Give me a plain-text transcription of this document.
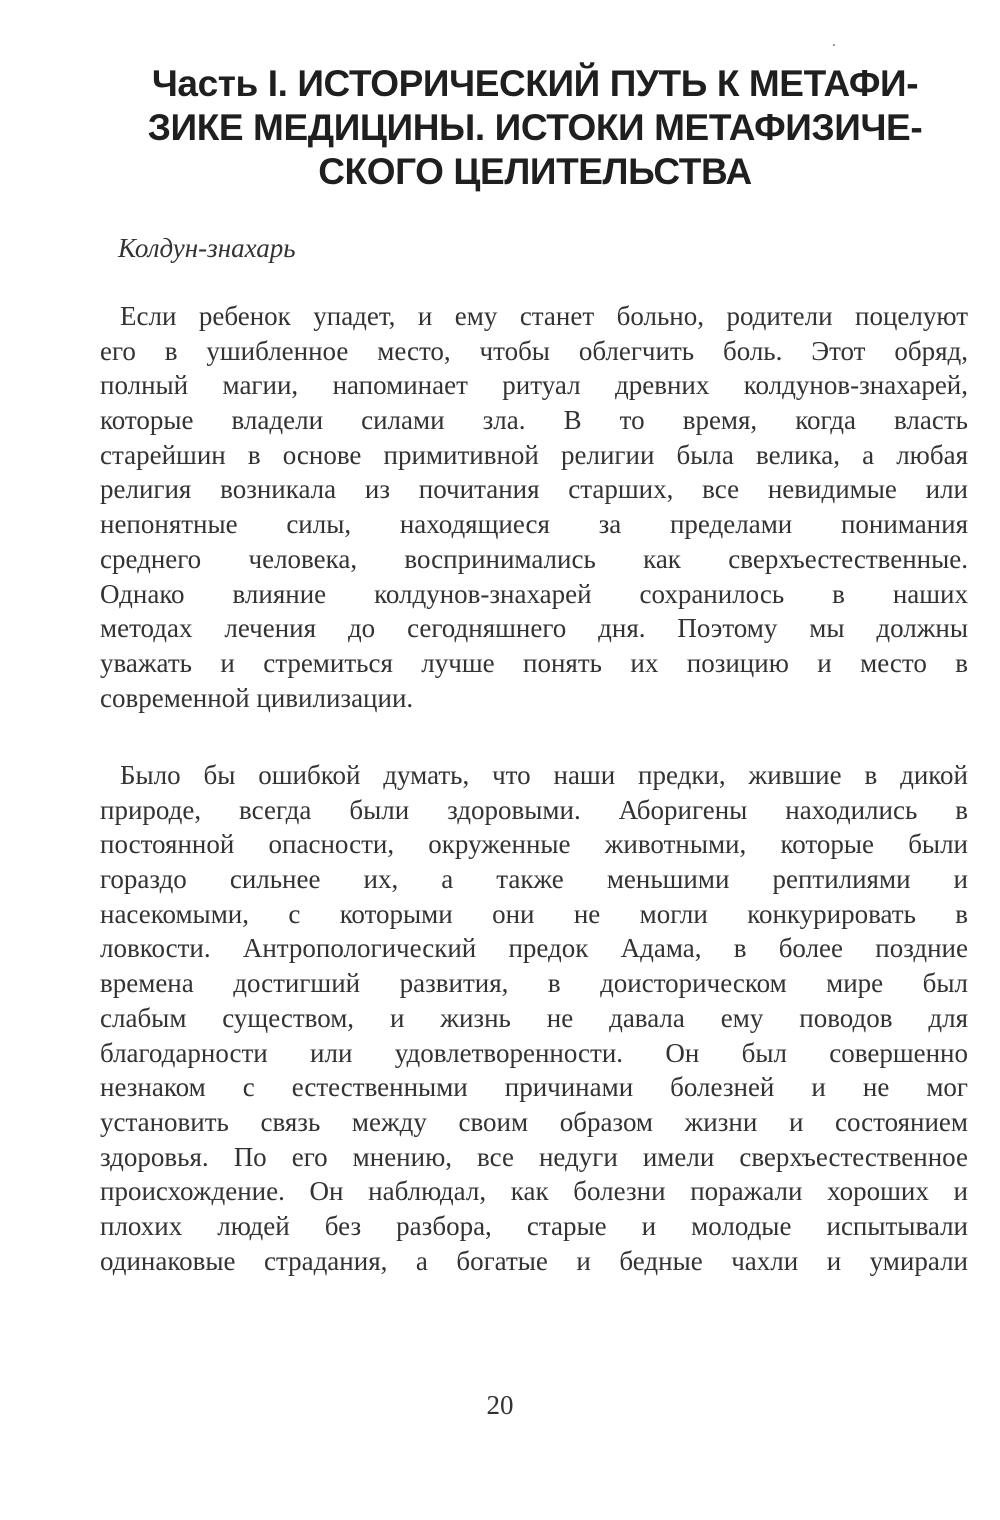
Часть I. ИСТОРИЧЕСКИЙ ПУТЬ К МЕТАФИ-
ЗИКЕ МЕДИЦИНЫ. ИСТОКИ МЕТАФИЗИЧЕ-
СКОГО ЦЕЛИТЕЛЬСТВА

Колдун-знахарь

Если ребенок упадет, и ему станет больно, родители поцелуют
его в ушибленное место, чтобы облегчить боль. Этот обряд,
полный магии, напоминает ритуал древних колдунов-знахарей,
которые владели силами зла. В то время, когда власть
старейшин в основе примитивной религии была велика, а любая
религия возникала из почитания старших, все невидимые или
непонятные силы, находящиеся за пределами понимания
среднего человека, воспринимались как сверхъестественные.
Однако влияние колдунов-знахарей сохранилось в наших
методах лечения до сегодняшнего дня. Поэтому мы должны
уважать и стремиться лучше понять их позицию и место в
современной цивилизации.

Было бы ошибкой думать, что наши предки, жившие в дикой
природе, всегда были здоровыми. Аборигены находились в
постоянной опасности, окруженные животными, которые были
гораздо сильнее их, а также меньшими рептилиями и
насекомыми, с которыми они не могли конкурировать в
ловкости. Антропологический предок Адама, в более поздние
времена достигший развития, в доисторическом мире был
слабым существом, и жизнь не давала ему поводов для
благодарности или удовлетворенности. Он был совершенно
незнаком с естественными причинами болезней и не мог
установить связь между своим образом жизни и состоянием
здоровья. По его мнению, все недуги имели сверхъестественное
происхождение. Он наблюдал, как болезни поражали хороших и
плохих людей без разбора, старые и молодые испытывали
одинаковые страдания, а богатые и бедные чахли и умирали

20
